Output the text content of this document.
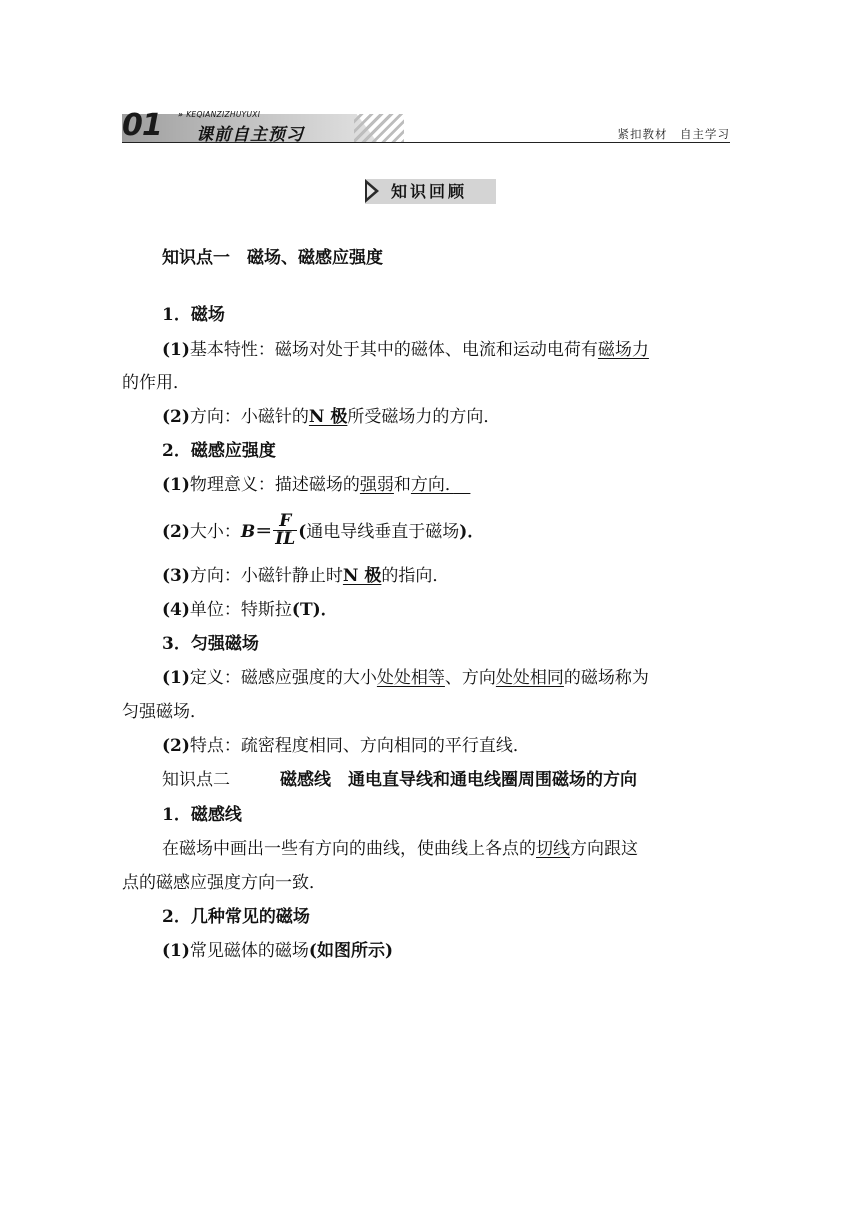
01 » KEQIANZIZHUYUXI
课前自主预习	紧扣教材　自主学习
知识回顾
知识点一　磁场、磁感应强度
1．磁场
(1)基本特性：磁场对处于其中的磁体、电流和运动电荷有磁场力
的作用．
(2)方向：小磁针的N 极所受磁场力的方向．
2．磁感应强度
(1)物理意义：描述磁场的强弱和方向．　
(2)大小：$B= \frac{F}{IL}$ (通电导线垂直于磁场)．
(3)方向：小磁针静止时N 极的指向．
(4)单位：特斯拉(T)．
3．匀强磁场
(1)定义：磁感应强度的大小处处相等、方向处处相同的磁场称为
匀强磁场．
(2)特点：疏密程度相同、方向相同的平行直线．
知识点二	磁感线　通电直导线和通电线圈周围磁场的方向
1．磁感线
在磁场中画出一些有方向的曲线，使曲线上各点的切线方向跟这
点的磁感应强度方向一致．
2．几种常见的磁场
(1)常见磁体的磁场(如图所示)
